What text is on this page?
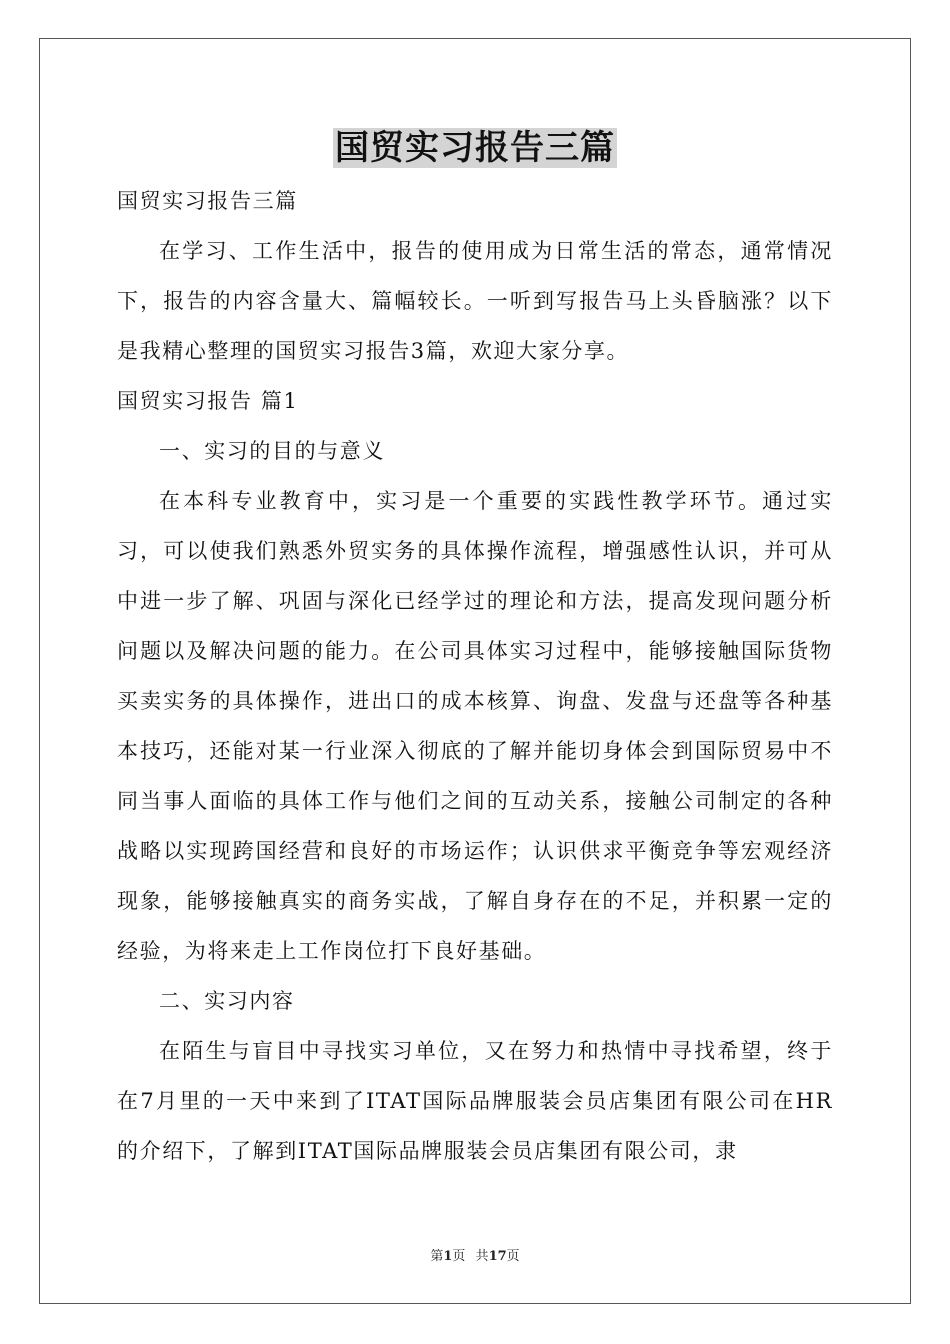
国贸实习报告三篇

国贸实习报告三篇

在学习、工作生活中，报告的使用成为日常生活的常态，通常情况下，报告的内容含量大、篇幅较长。一听到写报告马上头昏脑涨？以下是我精心整理的国贸实习报告3篇，欢迎大家分享。

国贸实习报告 篇1

一、实习的目的与意义

在本科专业教育中，实习是一个重要的实践性教学环节。通过实习，可以使我们熟悉外贸实务的具体操作流程，增强感性认识，并可从中进一步了解、巩固与深化已经学过的理论和方法，提高发现问题分析问题以及解决问题的能力。在公司具体实习过程中，能够接触国际货物买卖实务的具体操作，进出口的成本核算、询盘、发盘与还盘等各种基本技巧，还能对某一行业深入彻底的了解并能切身体会到国际贸易中不同当事人面临的具体工作与他们之间的互动关系，接触公司制定的各种战略以实现跨国经营和良好的市场运作；认识供求平衡竞争等宏观经济现象，能够接触真实的商务实战，了解自身存在的不足，并积累一定的经验，为将来走上工作岗位打下良好基础。

二、实习内容

在陌生与盲目中寻找实习单位，又在努力和热情中寻找希望，终于在7月里的一天中来到了ITAT国际品牌服装会员店集团有限公司在HR的介绍下，了解到ITAT国际品牌服装会员店集团有限公司，隶

第1页 共17页
